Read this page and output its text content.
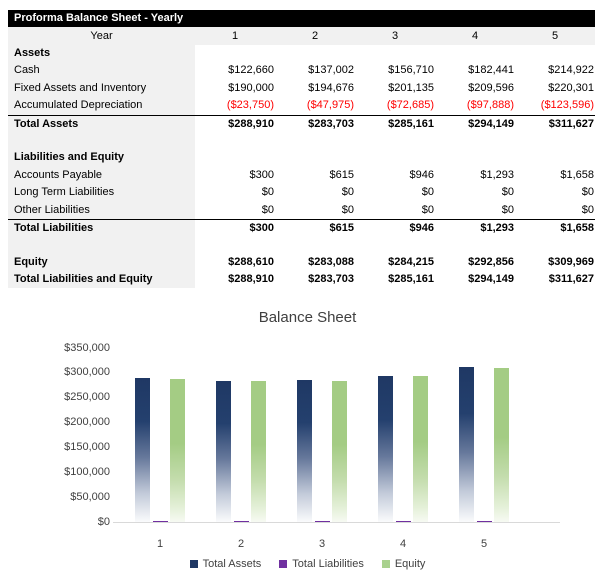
Proforma Balance Sheet - Yearly
Year	1	2	3	4	5
Assets
Cash	$122,660	$137,002	$156,710	$182,441	$214,922
Fixed Assets and Inventory	$190,000	$194,676	$201,135	$209,596	$220,301
Accumulated Depreciation	($23,750)	($47,975)	($72,685)	($97,888)	($123,596)
Total Assets	$288,910	$283,703	$285,161	$294,149	$311,627
Liabilities and Equity
Accounts Payable	$300	$615	$946	$1,293	$1,658
Long Term Liabilities	$0	$0	$0	$0	$0
Other Liabilities	$0	$0	$0	$0	$0
Total Liabilities	$300	$615	$946	$1,293	$1,658
Equity	$288,610	$283,088	$284,215	$292,856	$309,969
Total Liabilities and Equity	$288,910	$283,703	$285,161	$294,149	$311,627
Balance Sheet
$0
$50,000
$100,000
$150,000
$200,000
$250,000
$300,000
$350,000
1	2	3	4	5
Total Assets	Total Liabilities	Equity
